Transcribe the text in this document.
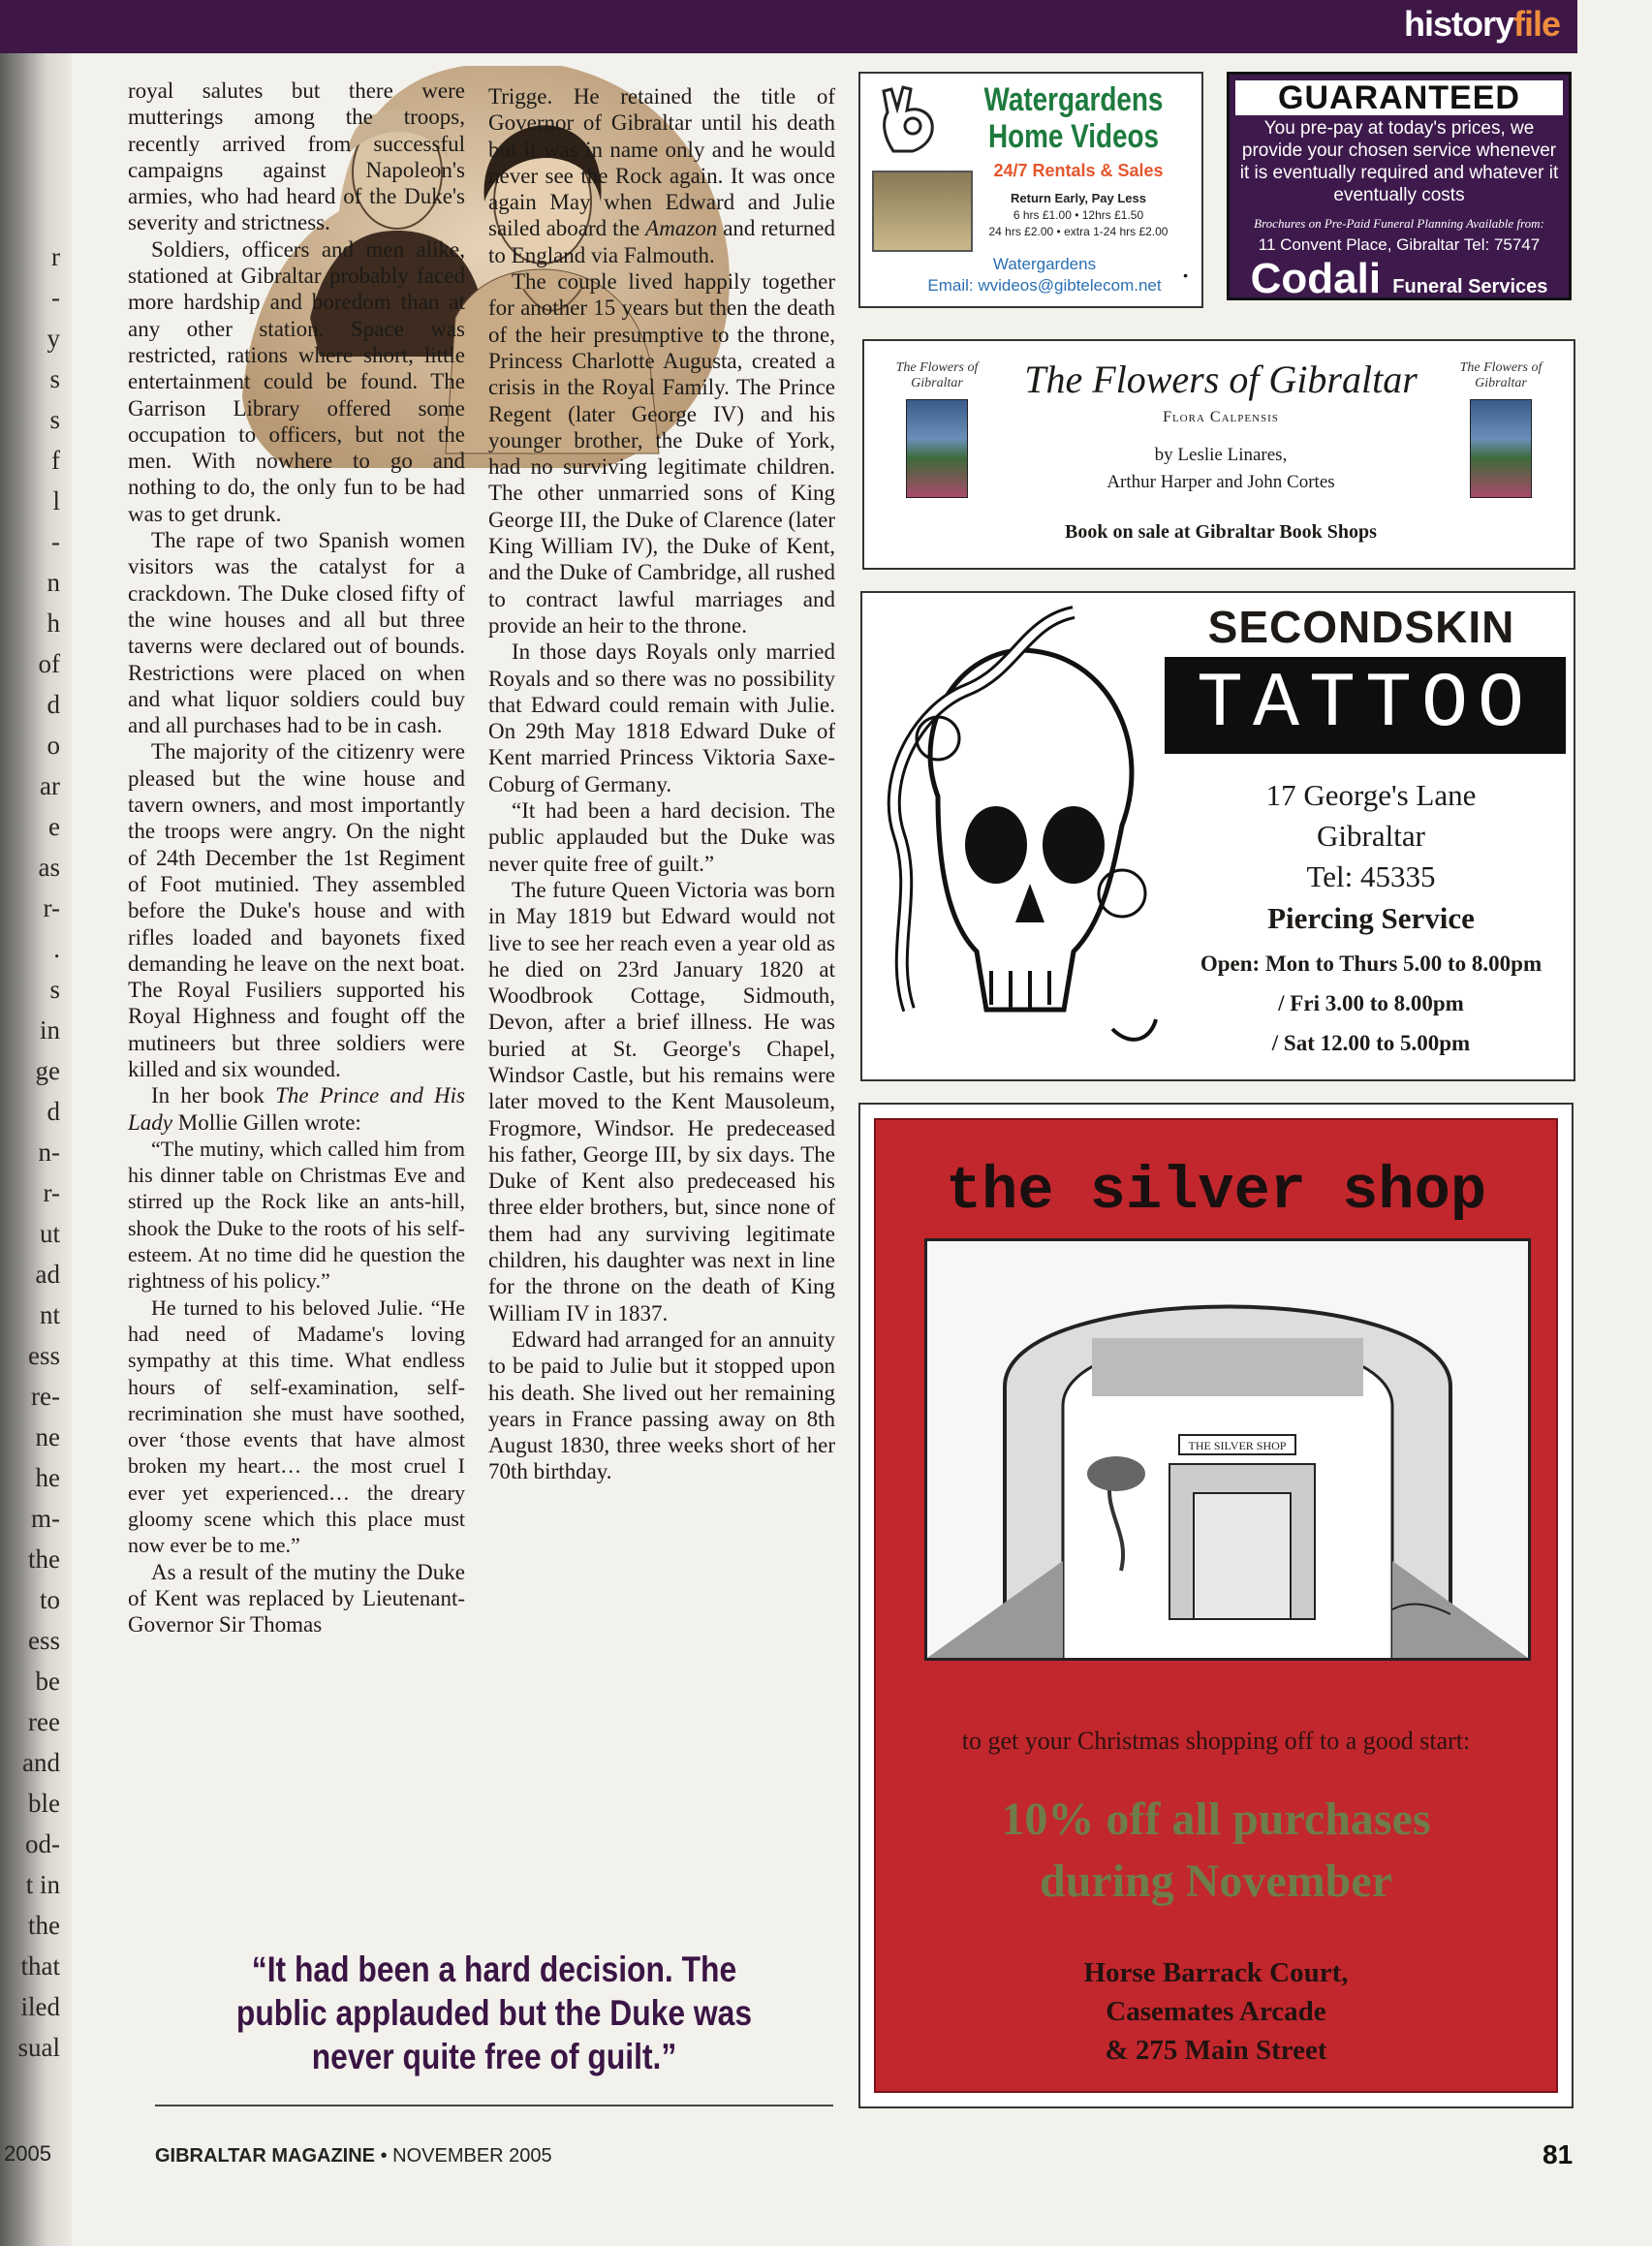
r
-
y
s
s
f
l
-
n
h
of
d
o
ar
e
as
r-
.
s
in
ge
d
n-
r-
ut
ad
nt
ess
re-
ne
he
m-
the
to
ess
be
ree
and
ble
od-
t in
the
that
iled
sual
2005
historyfile

royal salutes but there were mutterings among the troops, recently arrived from successful campaigns against Napoleon's armies, who had heard of the Duke's severity and strictness.

Soldiers, officers and men alike, stationed at Gibraltar probably faced more hardship and boredom than at any other station. Space was restricted, rations where short, little entertainment could be found. The Garrison Library offered some occupation to officers, but not the men. With nowhere to go and nothing to do, the only fun to be had was to get drunk.

The rape of two Spanish women visitors was the catalyst for a crackdown. The Duke closed fifty of the wine houses and all but three taverns were declared out of bounds. Restrictions were placed on when and what liquor soldiers could buy and all purchases had to be in cash.

The majority of the citizenry were pleased but the wine house and tavern owners, and most importantly the troops were angry. On the night of 24th December the 1st Regiment of Foot mutinied. They assembled before the Duke's house and with rifles loaded and bayonets fixed demanding he leave on the next boat. The Royal Fusiliers supported his Royal Highness and fought off the mutineers but three soldiers were killed and six wounded.

In her book The Prince and His Lady Mollie Gillen wrote:

“The mutiny, which called him from his dinner table on Christmas Eve and stirred up the Rock like an ants-hill, shook the Duke to the roots of his self-esteem. At no time did he question the rightness of his policy.”

He turned to his beloved Julie. “He had need of Madame's loving sympathy at this time. What endless hours of self-examination, self-recrimination she must have soothed, over ‘those events that have almost broken my heart… the most cruel I ever yet experienced… the dreary gloomy scene which this place must now ever be to me.”

As a result of the mutiny the Duke of Kent was replaced by Lieutenant-Governor Sir Thomas

Trigge. He retained the title of Governor of Gibraltar until his death but it was in name only and he would never see the Rock again. It was once again May when Edward and Julie sailed aboard the Amazon and returned to England via Falmouth.

The couple lived happily together for another 15 years but then the death of the heir presumptive to the throne, Princess Charlotte Augusta, created a crisis in the Royal Family. The Prince Regent (later George IV) and his younger brother, the Duke of York, had no surviving legitimate children. The other unmarried sons of King George III, the Duke of Clarence (later King William IV), the Duke of Kent, and the Duke of Cambridge, all rushed to contract lawful marriages and provide an heir to the throne.

In those days Royals only married Royals and so there was no possibility that Edward could remain with Julie. On 29th May 1818 Edward Duke of Kent married Princess Viktoria Saxe-Coburg of Germany.

“It had been a hard decision. The public applauded but the Duke was never quite free of guilt.”

The future Queen Victoria was born in May 1819 but Edward would not live to see her reach even a year old as he died on 23rd January 1820 at Woodbrook Cottage, Sidmouth, Devon, after a brief illness. He was buried at St. George's Chapel, Windsor Castle, but his remains were later moved to the Kent Mausoleum, Frogmore, Windsor. He predeceased his father, George III, by six days. The Duke of Kent also predeceased his three elder brothers, but, since none of them had any surviving legitimate children, his daughter was next in line for the throne on the death of King William IV in 1837.

Edward had arranged for an annuity to be paid to Julie but it stopped upon his death. She lived out her remaining years in France passing away on 8th August 1830, three weeks short of her 70th birthday.

“It had been a hard decision. The public applauded but the Duke was never quite free of guilt.”
GIBRALTAR MAGAZINE • NOVEMBER 2005	81
Watergardens Home Videos
24/7 Rentals & Sales
Return Early, Pay Less
6 hrs £1.00 • 12hrs £1.50
24 hrs £2.00 • extra 1-24 hrs £2.00
Watergardens
Email: wvideos@gibtelecom.net
•
GUARANTEED
You pre-pay at today's prices, we provide your chosen service whenever it is eventually required and whatever it eventually costs
Brochures on Pre-Paid Funeral Planning Available from:
11 Convent Place, Gibraltar Tel: 75747
Codali Funeral Services
The Flowers of Gibraltar	The Flowers of Gibraltar
Flora Calpensis
by Leslie Linares,
Arthur Harper and John Cortes
Book on sale at Gibraltar Book Shops
The Flowers of Gibraltar
SECONDSKIN
TATTOO
17 George's Lane
Gibraltar
Tel: 45335
Piercing Service
Open: Mon to Thurs 5.00 to 8.00pm
/ Fri 3.00 to 8.00pm
/ Sat 12.00 to 5.00pm
the silver shop
THE SILVER SHOP
to get your Christmas shopping off to a good start:
10% off all purchases
during November
Horse Barrack Court,
Casemates Arcade
& 275 Main Street
